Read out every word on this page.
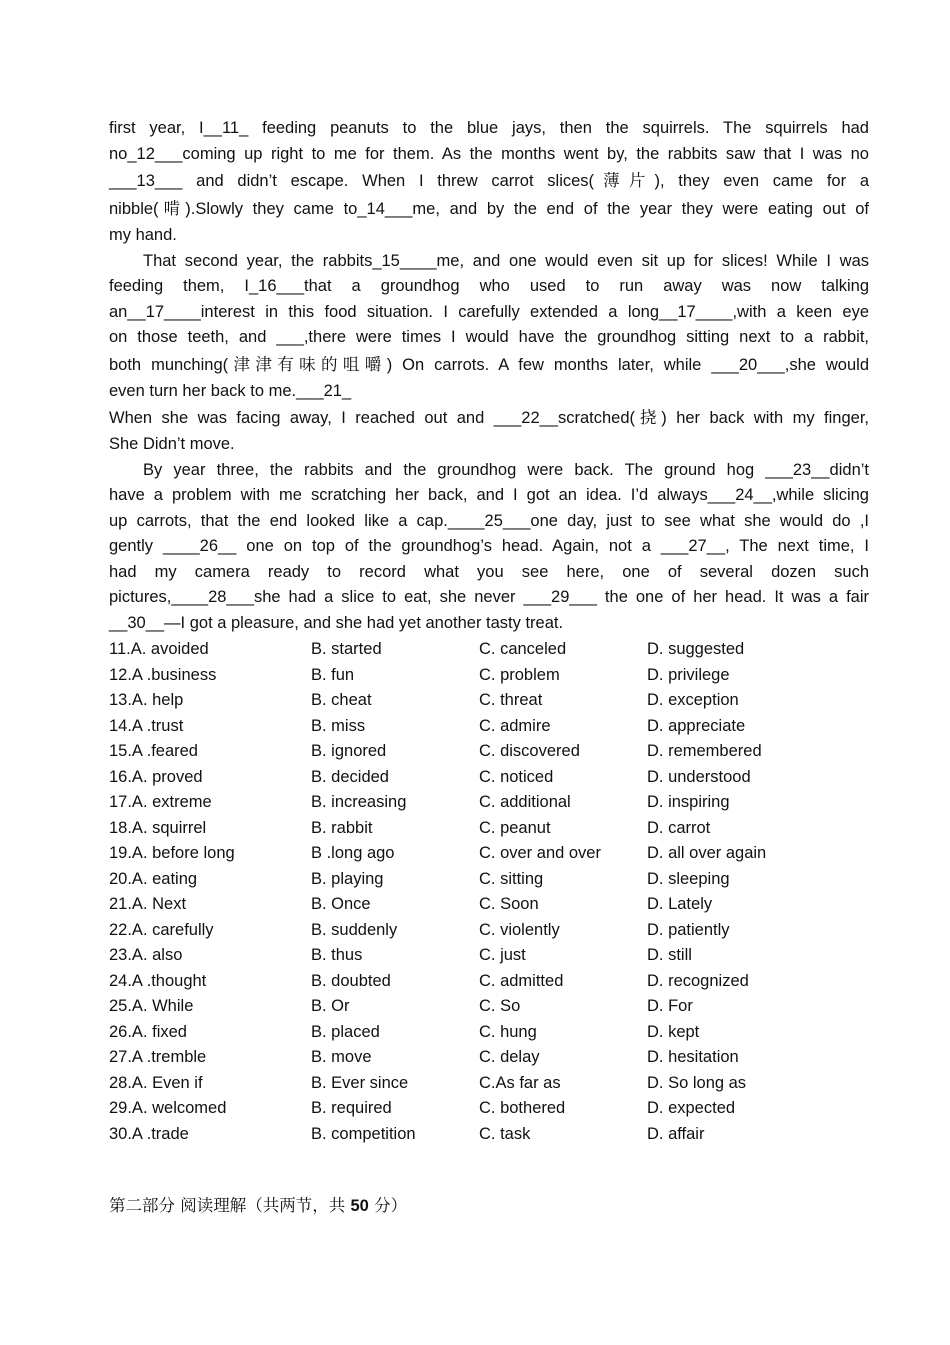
first year, I__11_ feeding peanuts to the blue jays, then the squirrels. The squirrels had
no_12___coming up right to me for them. As the months went by, the rabbits saw that I was no
___13___ and didn’t escape. When I threw carrot slices(薄片), they even came for a
nibble(啃).Slowly they came to_14___me, and by the end of the year they were eating out of
my hand.
That second year, the rabbits_15____me, and one would even sit up for slices! While I was
feeding them, I_16___that a groundhog who used to run away was now talking
an__17____interest in this food situation. I carefully extended a long__17____,with a keen eye
on those teeth, and ___,there were times I would have the groundhog sitting next to a rabbit,
both munching(津津有味的咀嚼) On carrots. A few months later, while ___20___,she would
even turn her back to me.___21_
When she was facing away, I reached out and ___22__scratched(挠) her back with my finger,
She Didn’t move.
By year three, the rabbits and the groundhog were back. The ground hog ___23__didn’t
have a problem with me scratching her back, and I got an idea. I’d always___24__,while slicing
up carrots, that the end looked like a cap.____25___one day, just to see what she would do ,I
gently ____26__ one on top of the groundhog’s head. Again, not a ___27__, The next time, I
had my camera ready to record what you see here, one of several dozen such
pictures,____28___she had a slice to eat, she never ___29___ the one of her head. It was a fair
__30__—I got a pleasure, and she had yet another tasty treat.
11.A. avoided	B. started	C. canceled	D. suggested
12.A .business	B. fun	C. problem	D. privilege
13.A. help	B. cheat	C. threat	D. exception
14.A .trust	B. miss	C. admire	D. appreciate
15.A .feared	B. ignored	C. discovered	D. remembered
16.A. proved	B. decided	C. noticed	D. understood
17.A. extreme	B. increasing	C. additional	D. inspiring
18.A. squirrel	B. rabbit	C. peanut	D. carrot
19.A. before long	B .long ago	C. over and over	D. all over again
20.A. eating	B. playing	C. sitting	D. sleeping
21.A. Next	B. Once	C. Soon	D. Lately
22.A. carefully	B. suddenly	C. violently	D. patiently
23.A. also	B. thus	C. just	D. still
24.A .thought	B. doubted	C. admitted	D. recognized
25.A. While	B. Or	C. So	D. For
26.A. fixed	B. placed	C. hung	D. kept
27.A .tremble	B. move	C. delay	D. hesitation
28.A. Even if	B. Ever since	C.As far as	D. So long as
29.A. welcomed	B. required	C. bothered	D. expected
30.A .trade	B. competition	C. task	D. affair
第二部分 阅读理解（共两节，共 50 分）
